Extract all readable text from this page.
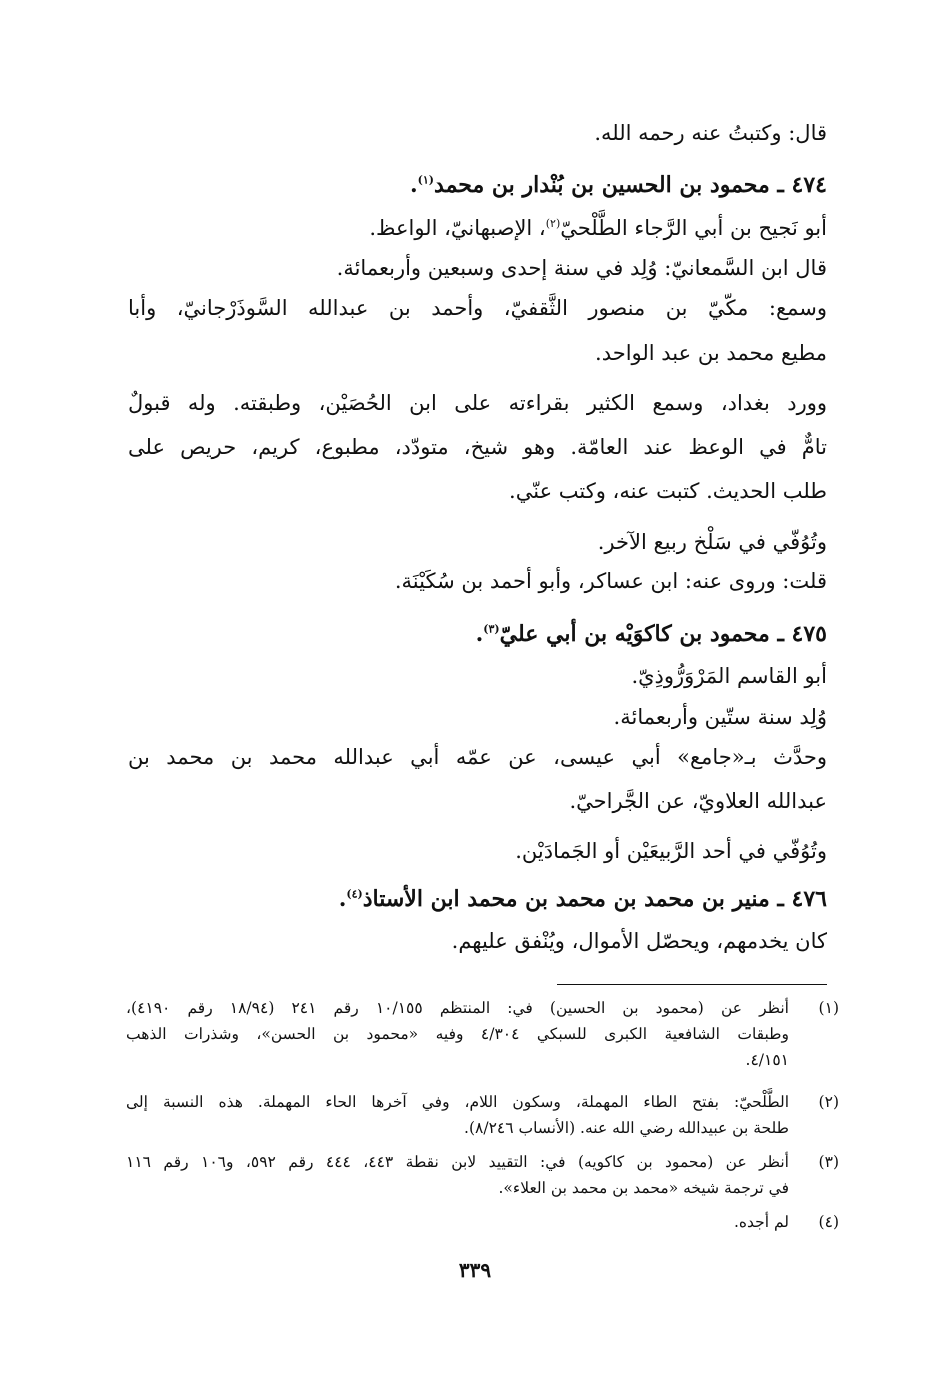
قال: وكتبتُ عنه رحمه الله.
٤٧٤ ـ محمود بن الحسين بن بُنْدار بن محمد$^{(١)}$.
أبو نَجيح بن أبي الرَّجاء الطَّلْحيّ$^{(٢)}$، الإصبهانيّ، الواعظ.
قال ابن السَّمعانيّ: وُلِد في سنة إحدى وسبعين وأربعمائة.
وسمع: مكّيّ بن منصور الثَّقفيّ، وأحمد بن عبدالله السَّوذَرْجانيّ، وأبا
مطيع محمد بن عبد الواحد.
وورد بغداد، وسمع الكثير بقراءته على ابن الحُصَيْن، وطبقته. وله قبولٌ
تامٌّ في الوعظ عند العامّة. وهو شيخ، متودّد، مطبوع، كريم، حريص على
طلب الحديث. كتبت عنه، وكتب عنّي.
وتُوُفّي في سَلْخ ربيع الآخر.
قلت: وروى عنه: ابن عساكر، وأبو أحمد بن سُكَيْنَة.
٤٧٥ ـ محمود بن كاكوَيْه بن أبي عليّ$^{(٣)}$.
أبو القاسم المَرْوَرُّوذِيّ.
وُلِد سنة ستّين وأربعمائة.
وحدَّث بـ«جامع» أبي عيسى، عن عمّه أبي عبدالله محمد بن محمد بن
عبدالله العلاويّ، عن الجَّراحيّ.
وتُوُفّي في أحد الرَّبيعَيْن أو الجَمادَيْن.
٤٧٦ ـ منير بن محمد بن محمد بن محمد ابن الأستاذ$^{(٤)}$.
كان يخدمهم، ويحصّل الأموال، ويُنْفق عليهم.
(١)
أنظر عن (محمود بن الحسين) في: المنتظم ١٠/١٥٥ رقم ٢٤١ (١٨/٩٤ رقم ٤١٩٠)،
وطبقات الشافعية الكبرى للسبكي ٤/٣٠٤ وفيه «محمود بن الحسن»، وشذرات الذهب
٤/١٥١.
(٢)
الطَّلْحيّ: بفتح الطاء المهملة، وسكون اللام، وفي آخرها الحاء المهملة. هذه النسبة إلى
طلحة بن عبيدالله رضي الله عنه. (الأنساب ٨/٢٤٦).
(٣)
أنظر عن (محمود بن كاكويه) في: التقييد لابن نقطة ٤٤٣، ٤٤٤ رقم ٥٩٢، و١٠٦ رقم ١١٦
في ترجمة شيخه «محمد بن محمد بن العلاء».
(٤)
لم أجده.
٣٣٩
